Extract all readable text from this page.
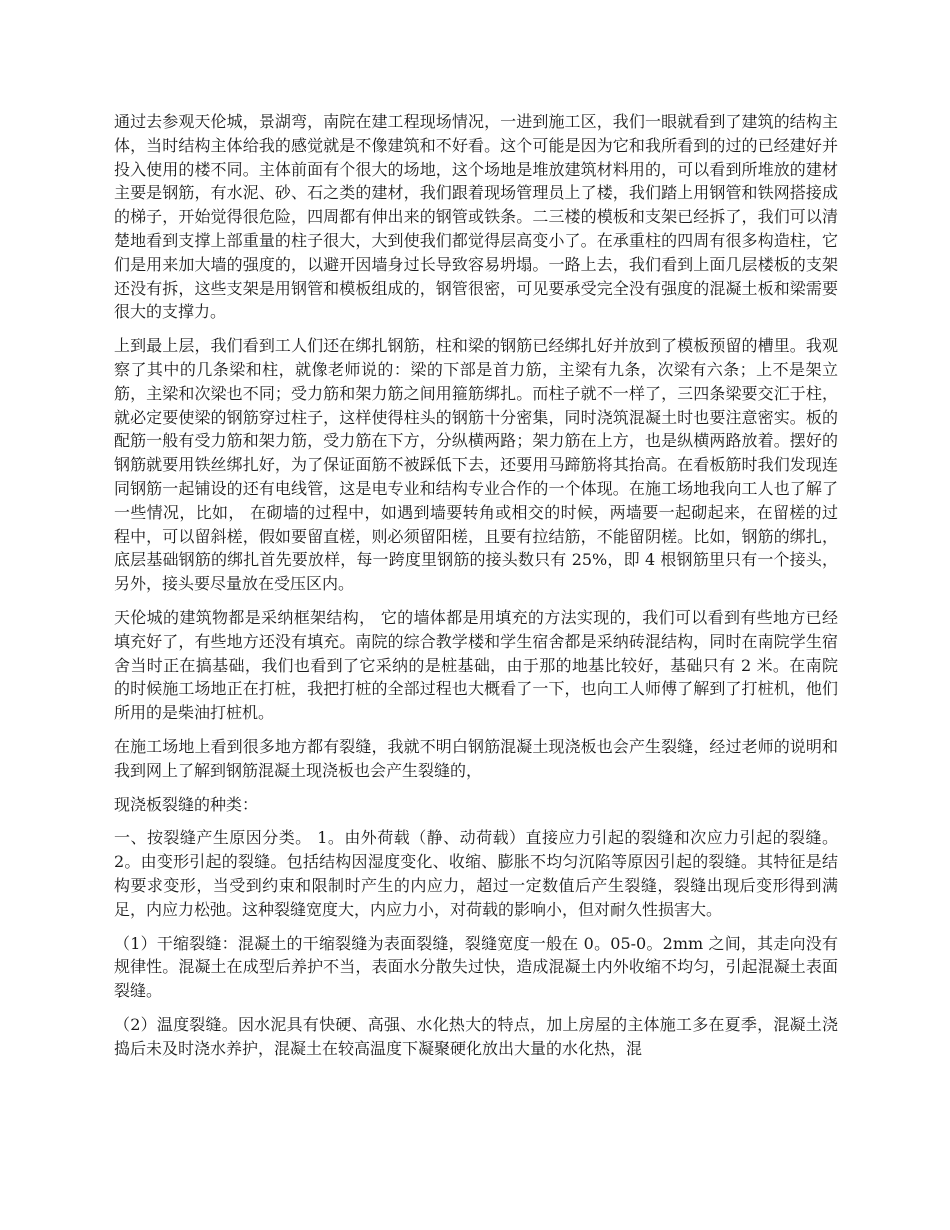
通过去参观天伦城，景湖弯，南院在建工程现场情况，一进到施工区，我们一眼就看到了建筑的结构主体，当时结构主体给我的感觉就是不像建筑和不好看。这个可能是因为它和我所看到的过的已经建好并投入使用的楼不同。主体前面有个很大的场地，这个场地是堆放建筑材料用的，可以看到所堆放的建材主要是钢筋，有水泥、砂、石之类的建材，我们跟着现场管理员上了楼，我们踏上用钢管和铁网搭接成的梯子，开始觉得很危险，四周都有伸出来的钢管或铁条。二三楼的模板和支架已经拆了，我们可以清楚地看到支撑上部重量的柱子很大，大到使我们都觉得层高变小了。在承重柱的四周有很多构造柱，它们是用来加大墙的强度的，以避开因墙身过长导致容易坍塌。一路上去，我们看到上面几层楼板的支架还没有拆，这些支架是用钢管和模板组成的，钢管很密，可见要承受完全没有强度的混凝土板和梁需要很大的支撑力。

上到最上层，我们看到工人们还在绑扎钢筋，柱和梁的钢筋已经绑扎好并放到了模板预留的槽里。我观察了其中的几条梁和柱，就像老师说的：梁的下部是首力筋，主梁有九条，次梁有六条；上不是架立筋，主梁和次梁也不同；受力筋和架力筋之间用箍筋绑扎。而柱子就不一样了，三四条梁要交汇于柱，就必定要使梁的钢筋穿过柱子，这样使得柱头的钢筋十分密集，同时浇筑混凝土时也要注意密实。板的配筋一般有受力筋和架力筋，受力筋在下方，分纵横两路；架力筋在上方，也是纵横两路放着。摆好的钢筋就要用铁丝绑扎好，为了保证面筋不被踩低下去，还要用马蹄筋将其抬高。在看板筋时我们发现连同钢筋一起铺设的还有电线管，这是电专业和结构专业合作的一个体现。在施工场地我向工人也了解了一些情况，比如， 在砌墙的过程中，如遇到墙要转角或相交的时候，两墙要一起砌起来，在留槎的过程中，可以留斜槎，假如要留直槎，则必须留阳槎，且要有拉结筋，不能留阴槎。比如，钢筋的绑扎，底层基础钢筋的绑扎首先要放样，每一跨度里钢筋的接头数只有 25%，即 4 根钢筋里只有一个接头，另外，接头要尽量放在受压区内。

天伦城的建筑物都是采纳框架结构， 它的墙体都是用填充的方法实现的，我们可以看到有些地方已经填充好了，有些地方还没有填充。南院的综合教学楼和学生宿舍都是采纳砖混结构，同时在南院学生宿舍当时正在搞基础，我们也看到了它采纳的是桩基础，由于那的地基比较好，基础只有 2 米。在南院的时候施工场地正在打桩，我把打桩的全部过程也大概看了一下，也向工人师傅了解到了打桩机，他们所用的是柴油打桩机。

在施工场地上看到很多地方都有裂缝，我就不明白钢筋混凝土现浇板也会产生裂缝，经过老师的说明和我到网上了解到钢筋混凝土现浇板也会产生裂缝的，

现浇板裂缝的种类：

一、按裂缝产生原因分类。 1。由外荷载（静、动荷载）直接应力引起的裂缝和次应力引起的裂缝。2。由变形引起的裂缝。包括结构因湿度变化、收缩、膨胀不均匀沉陷等原因引起的裂缝。其特征是结构要求变形，当受到约束和限制时产生的内应力，超过一定数值后产生裂缝，裂缝出现后变形得到满足，内应力松弛。这种裂缝宽度大，内应力小，对荷载的影响小，但对耐久性损害大。

（1）干缩裂缝：混凝土的干缩裂缝为表面裂缝，裂缝宽度一般在 0。05-0。2mm 之间，其走向没有规律性。混凝土在成型后养护不当，表面水分散失过快，造成混凝土内外收缩不均匀，引起混凝土表面裂缝。

（2）温度裂缝。因水泥具有快硬、高强、水化热大的特点，加上房屋的主体施工多在夏季，混凝土浇捣后未及时浇水养护，混凝土在较高温度下凝聚硬化放出大量的水化热，混
